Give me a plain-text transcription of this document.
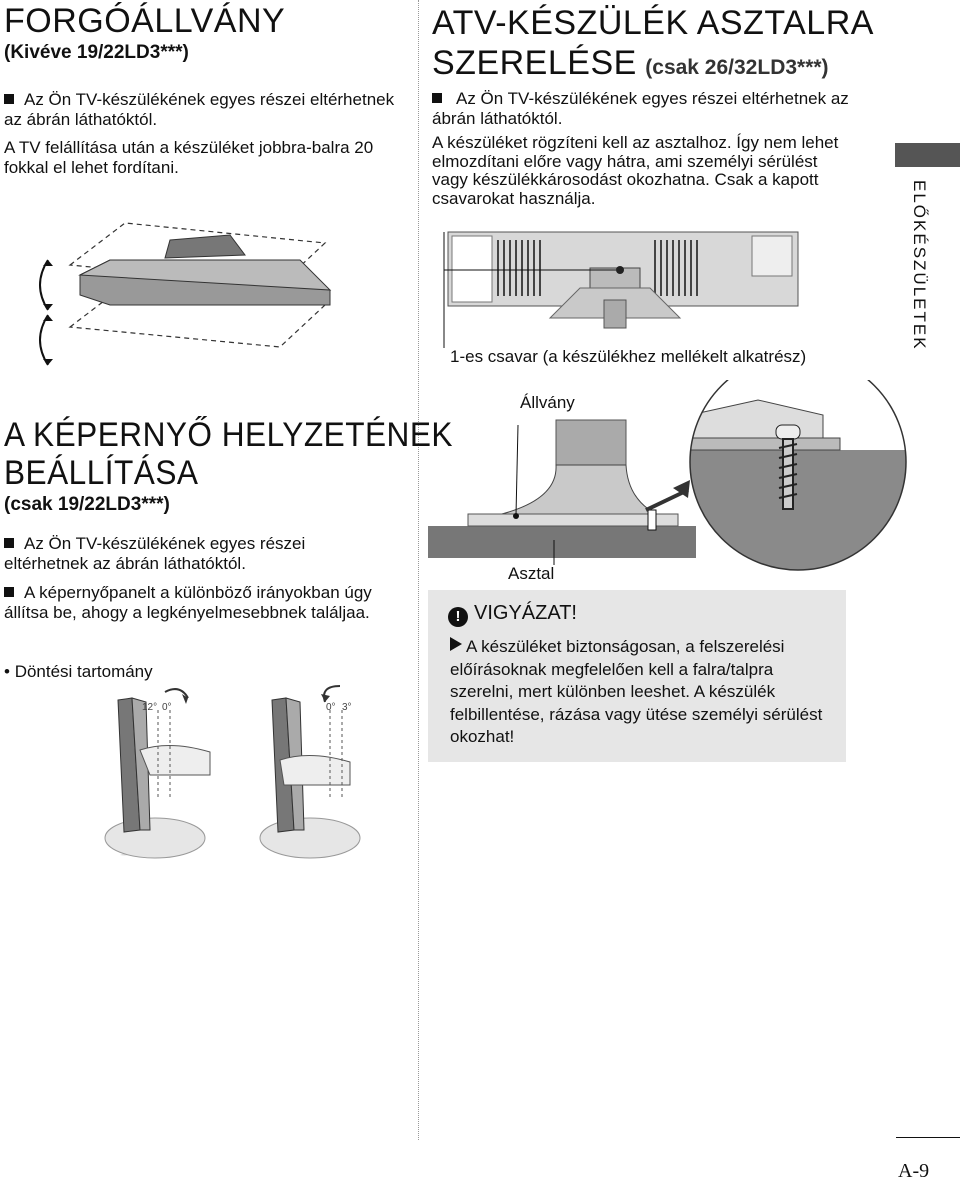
FORGÓÁLLVÁNY
(Kivéve 19/22LD3***)
Az Ön TV-készülékének egyes részei eltérhetnek az ábrán láthatóktól.
A TV felállítása után a készüléket jobbra-balra 20 fokkal el lehet fordítani.
ATV-KÉSZÜLÉK ASZTALRA
SZERELÉSE (csak 26/32LD3***)
Az Ön TV-készülékének egyes részei eltérhetnek az ábrán láthatóktól.
A készüléket rögzíteni kell az asztalhoz. Így nem lehet elmozdítani előre vagy hátra, ami személyi sérülést vagy készülékkárosodást okozhatna. Csak a kapott csavarokat használja.
1-es csavar (a készülékhez mellékelt alkatrész)
Állvány
Asztal
! VIGYÁZAT!
A készüléket biztonságosan, a felszerelési előírásoknak megfelelően kell a falra/talpra szerelni, mert különben leeshet. A készülék felbillentése, rázása vagy ütése személyi sérülést okozhat!
A KÉPERNYŐ HELYZETÉNEK
BEÁLLÍTÁSA
(csak 19/22LD3***)
Az Ön TV-készülékének egyes részei eltérhetnek az ábrán láthatóktól.
A képernyőpanelt a különböző irányokban úgy állítsa be, ahogy a legkényelmesebbnek találjaa.
• Döntési tartomány
12° 0°	0° 3°
ELŐKÉSZÜLETEK
A-9
